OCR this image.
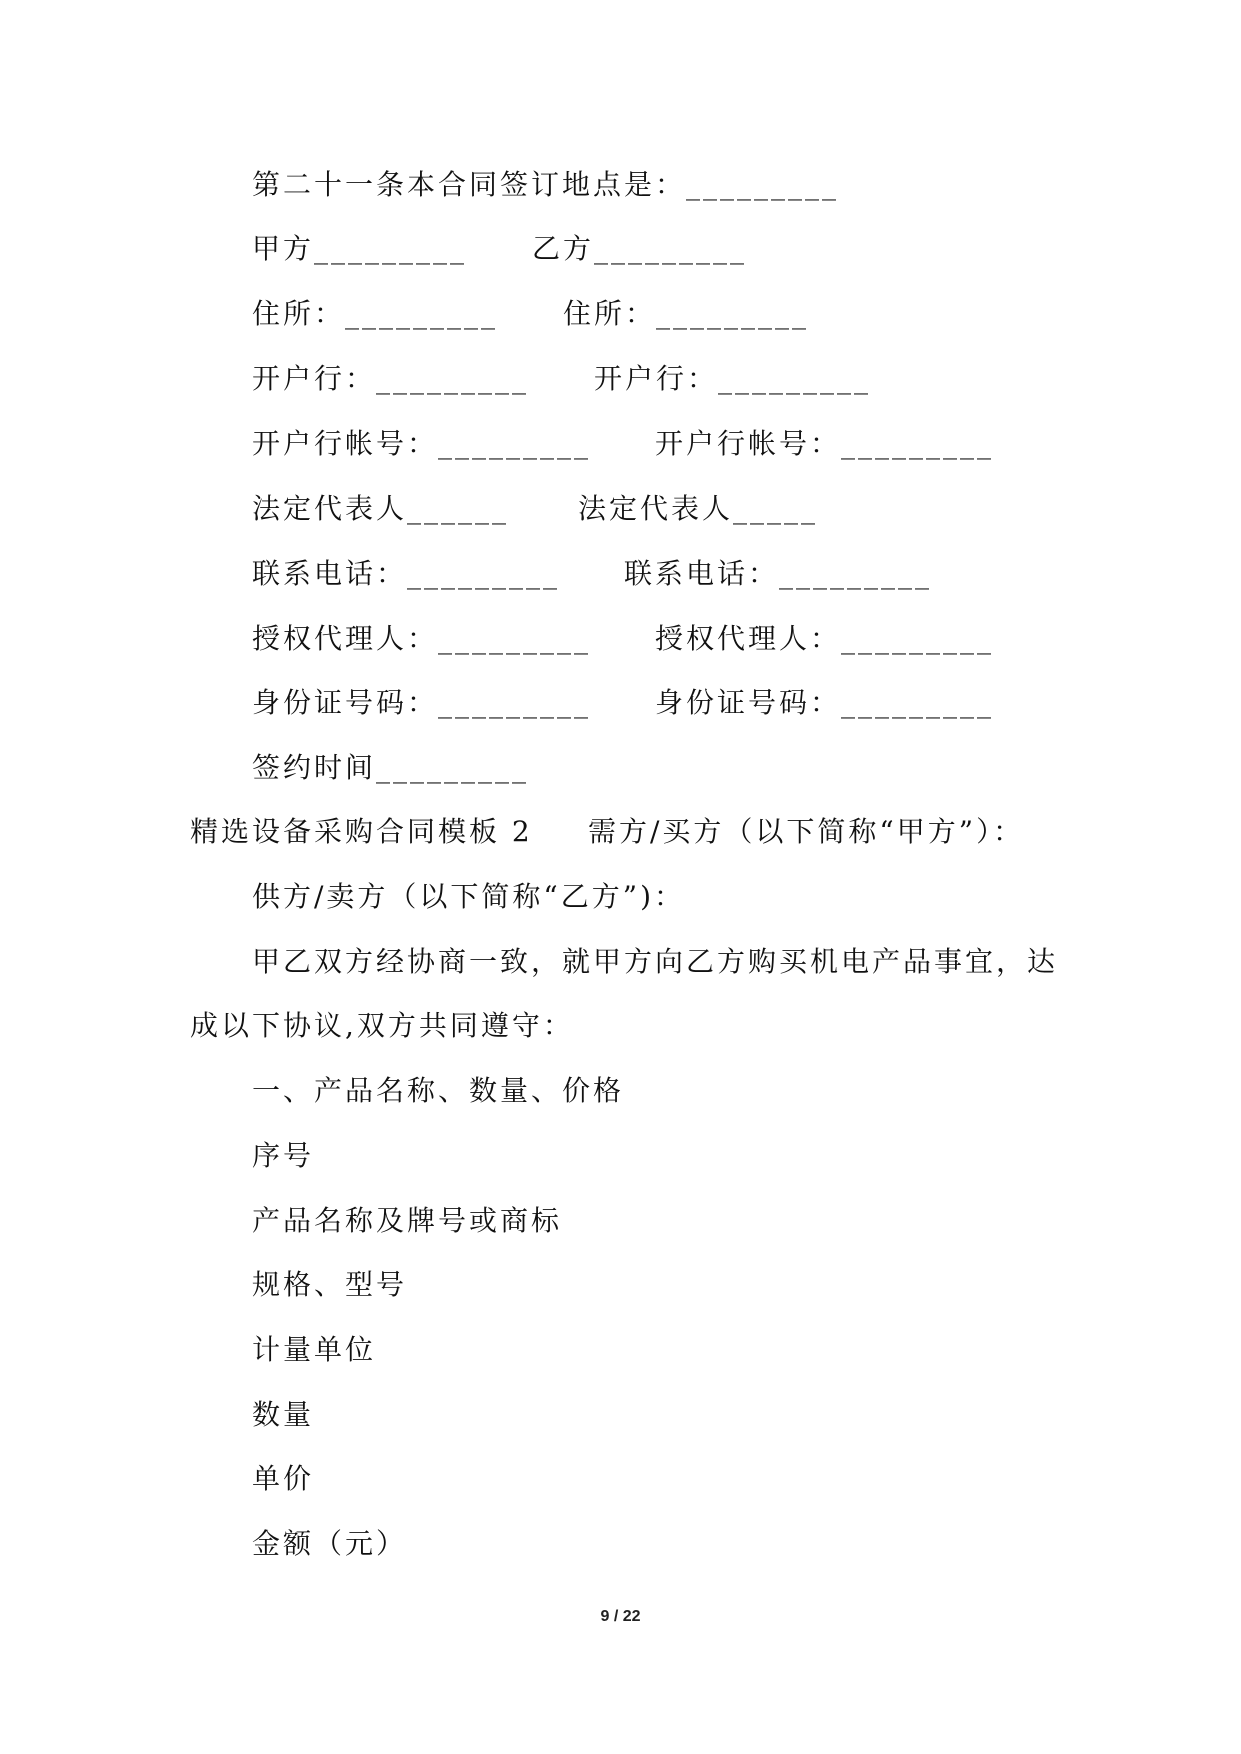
第二十一条本合同签订地点是：_________
甲方_________ 乙方_________
住所：_________ 住所：_________
开户行：_________ 开户行：_________
开户行帐号：_________ 开户行帐号：_________
法定代表人______ 法定代表人_____
联系电话：_________ 联系电话：_________
授权代理人：_________ 授权代理人：_________
身份证号码：_________ 身份证号码：_________
签约时间_________
精选设备采购合同模板 2 需方/买方（以下简称“甲方”）：
供方/卖方（以下简称“乙方”)：
甲乙双方经协商一致，就甲方向乙方购买机电产品事宜，达
成以下协议,双方共同遵守：
一、产品名称、数量、价格
序号
产品名称及牌号或商标
规格、型号
计量单位
数量
单价
金额（元）
9 / 22
